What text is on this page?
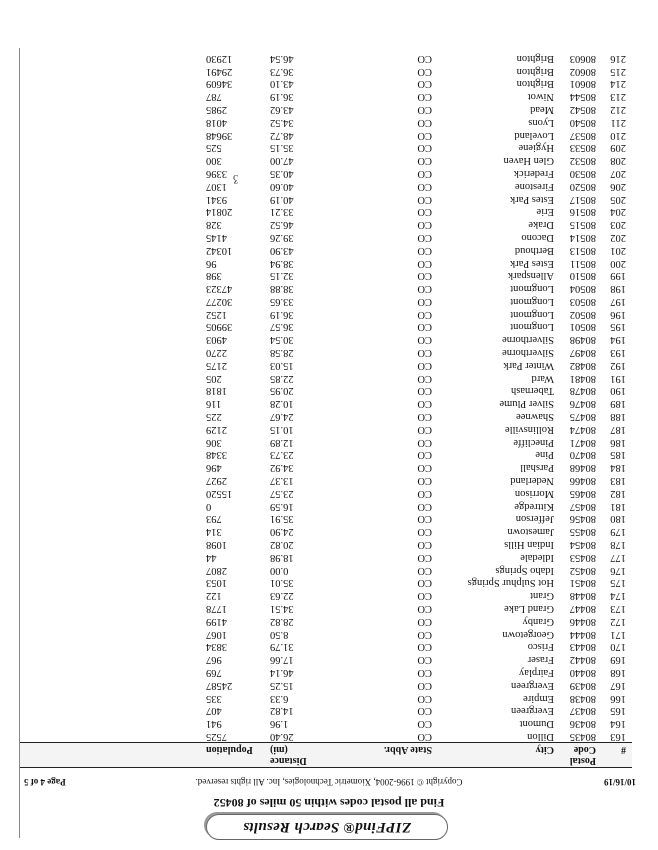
ZIPFind® Search Results
Find all postal codes within 50 miles of 80452
10/16/19
Copyright © 1996-2004, Xiometric Technologies, Inc. All rights reserved.
Page 4 of 5
#	Postal Code	City	State Abbr.	Distance (mi)	Population	
163	80435	Dillon	CO	26.40	7525	
164	80436	Dumont	CO	1.96	941	
165	80437	Evergreen	CO	14.82	407	
166	80438	Empire	CO	6.33	335	
167	80439	Evergreen	CO	15.25	24587	
168	80440	Fairplay	CO	46.14	769	
169	80442	Fraser	CO	17.66	967	
170	80443	Frisco	CO	31.79	3834	
171	80444	Georgetown	CO	8.50	1067	
172	80446	Granby	CO	28.82	4199	
173	80447	Grand Lake	CO	34.51	1778	
174	80448	Grant	CO	22.63	122	
175	80451	Hot Sulphur Springs	CO	35.01	1053	
176	80452	Idaho Springs	CO	0.00	2807	
177	80453	Idledale	CO	18.98	44	
178	80454	Indian Hills	CO	20.82	1098	
179	80455	Jamestown	CO	24.90	314	
180	80456	Jefferson	CO	35.91	793	
181	80457	Kittredge	CO	16.59	0	
182	80465	Morrison	CO	23.57	15520	
183	80466	Nederland	CO	13.37	2927	
184	80468	Parshall	CO	34.92	496	
185	80470	Pine	CO	23.73	3348	
186	80471	Pinecliffe	CO	12.89	306	
187	80474	Rollinsville	CO	10.15	2129	
188	80475	Shawnee	CO	24.67	225	
189	80476	Silver Plume	CO	10.28	116	
190	80478	Tabernash	CO	20.95	1818	
191	80481	Ward	CO	22.85	205	
192	80482	Winter Park	CO	15.03	2175	
193	80497	Silverthorne	CO	28.58	2270	
194	80498	Silverthorne	CO	30.54	4903	
195	80501	Longmont	CO	36.57	39905	
196	80502	Longmont	CO	36.19	1252	
197	80503	Longmont	CO	33.65	30277	
198	80504	Longmont	CO	38.88	47323	
199	80510	Allenspark	CO	32.15	398	
200	80511	Estes Park	CO	38.94	96	
201	80513	Berthoud	CO	43.90	10342	
202	80514	Dacono	CO	39.26	4145	
203	80515	Drake	CO	46.52	328	
204	80516	Erie	CO	33.21	20814	
205	80517	Estes Park	CO	40.19	9341	
206	80520	Firestone	CO	40.60	1307	
207	80530	Frederick	CO	40.35	3396	
208	80532	Glen Haven	CO	47.00	300	
209	80533	Hygiene	CO	35.15	525	
210	80537	Loveland	CO	48.72	39648	
211	80540	Lyons	CO	34.52	4018	
212	80542	Mead	CO	43.62	2985	
213	80544	Niwot	CO	36.19	787	
214	80601	Brighton	CO	43.10	34609	
215	80602	Brighton	CO	36.73	29491	
216	80603	Brighton	CO	46.54	12930	
Ʒ
